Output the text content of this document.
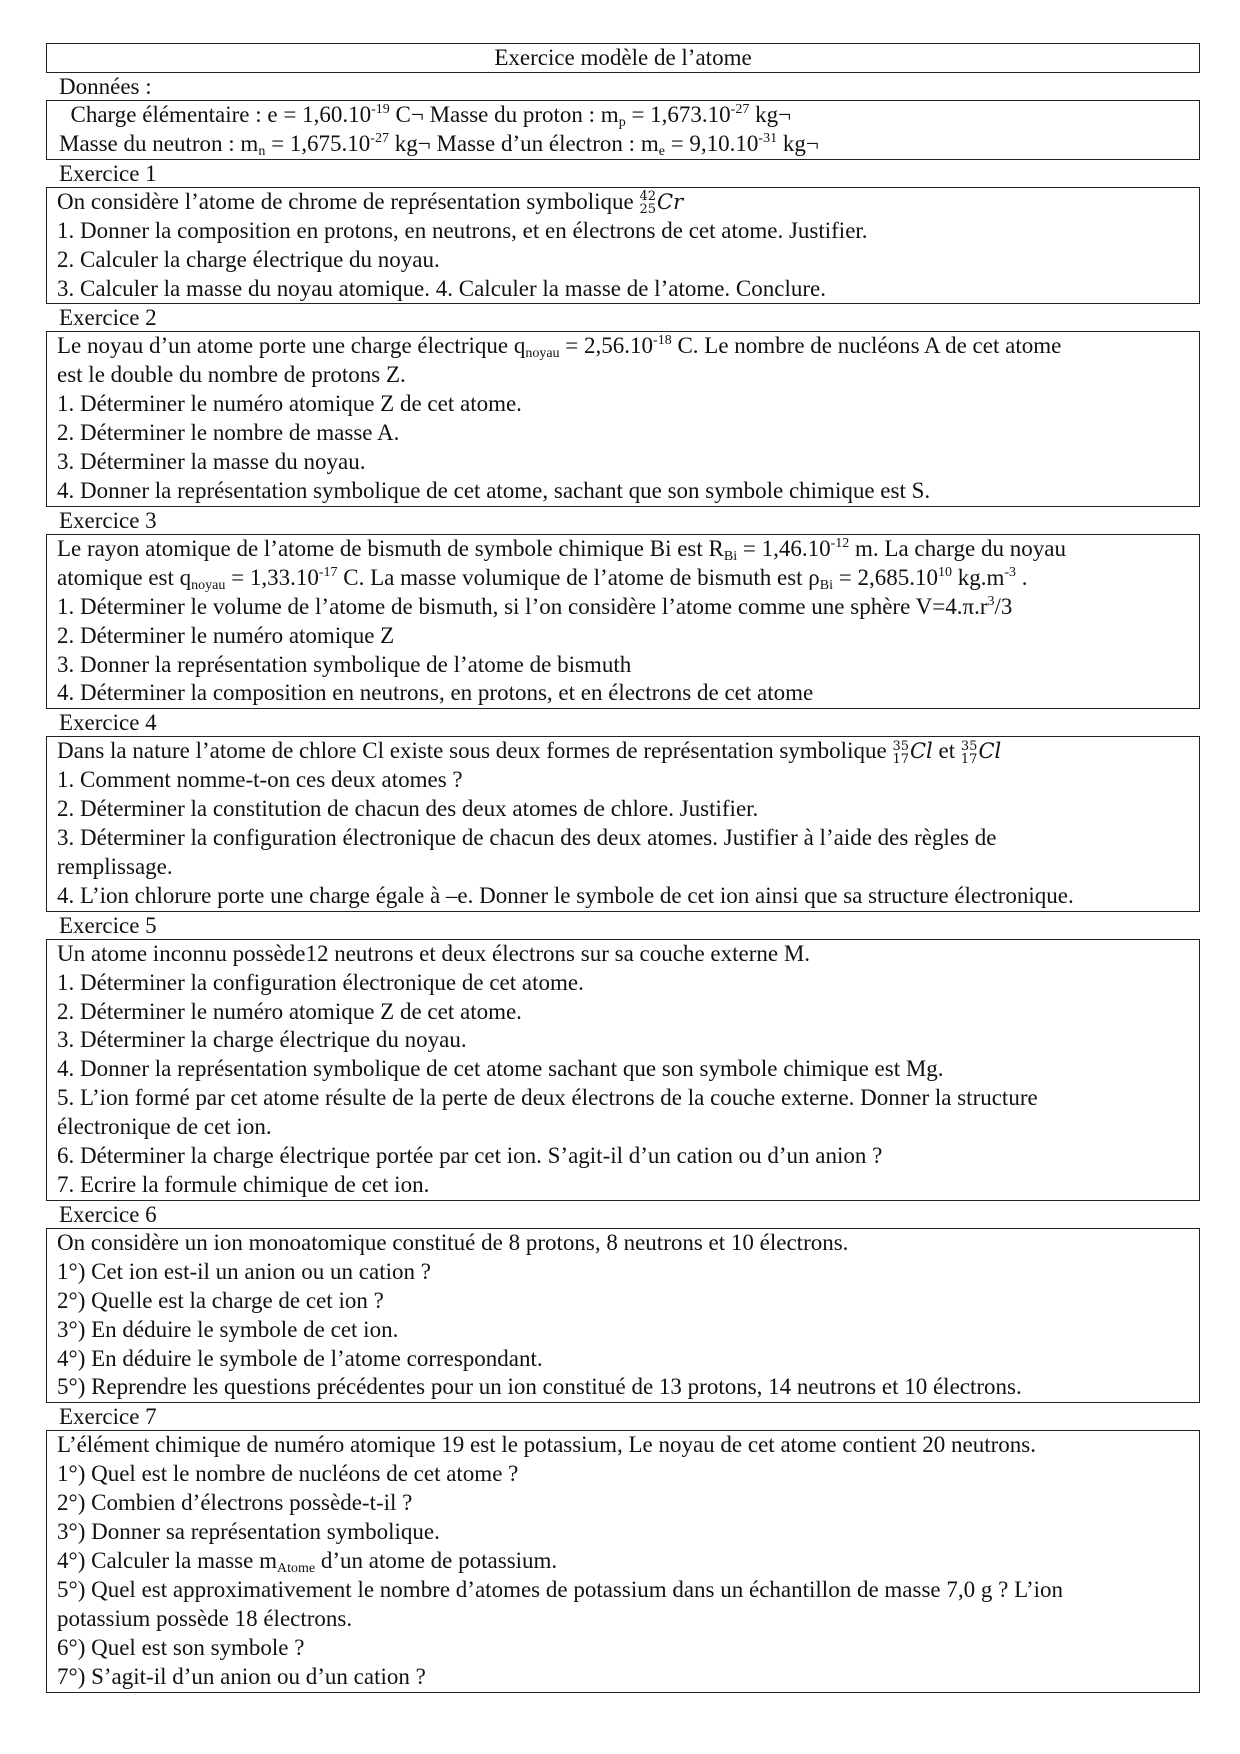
Exercice modèle de l’atome
Données :

Charge élémentaire : $e = 1,60.10^{-19}$ C¬ Masse du proton : $m_p = 1,673.10^{-27}$ kg¬

Masse du neutron : $m_n = 1,675.10^{-27}$ kg¬ Masse d’un électron : $m_e = 9,10.10^{-31}$ kg¬

Exercice 1

On considère l’atome de chrome de représentation symbolique 42
25 Cr

1. Donner la composition en protons, en neutrons, et en électrons de cet atome. Justifier.

2. Calculer la charge électrique du noyau.

3. Calculer la masse du noyau atomique. 4. Calculer la masse de l’atome. Conclure.

Exercice 2

Le noyau d’un atome porte une charge électrique $q_{noyau} = 2,56.10^{-18}$ C. Le nombre de nucléons A de cet atome

est le double du nombre de protons Z.

1. Déterminer le numéro atomique Z de cet atome.

2. Déterminer le nombre de masse A.

3. Déterminer la masse du noyau.

4. Donner la représentation symbolique de cet atome, sachant que son symbole chimique est S.

Exercice 3

Le rayon atomique de l’atome de bismuth de symbole chimique Bi est $R_{Bi} = 1,46.10^{-12}$ m. La charge du noyau

atomique est $q_{noyau} = 1,33.10^{-17}$ C. La masse volumique de l’atome de bismuth est $\rho_{Bi} = 2,685.10^{10}$ $kg.m^{-3}$ .

1. Déterminer le volume de l’atome de bismuth, si l’on considère l’atome comme une sphère $V=4.\pi.r^3/3$

2. Déterminer le numéro atomique Z

3. Donner la représentation symbolique de l’atome de bismuth

4. Déterminer la composition en neutrons, en protons, et en électrons de cet atome

Exercice 4

Dans la nature l’atome de chlore Cl existe sous deux formes de représentation symbolique 35
17 Cl et 35
17 Cl

1. Comment nomme-t-on ces deux atomes ?

2. Déterminer la constitution de chacun des deux atomes de chlore. Justifier.

3. Déterminer la configuration électronique de chacun des deux atomes. Justifier à l’aide des règles de

remplissage.

4. L’ion chlorure porte une charge égale à –e. Donner le symbole de cet ion ainsi que sa structure électronique.

Exercice 5

Un atome inconnu possède12 neutrons et deux électrons sur sa couche externe M.

1. Déterminer la configuration électronique de cet atome.

2. Déterminer le numéro atomique Z de cet atome.

3. Déterminer la charge électrique du noyau.

4. Donner la représentation symbolique de cet atome sachant que son symbole chimique est Mg.

5. L’ion formé par cet atome résulte de la perte de deux électrons de la couche externe. Donner la structure

électronique de cet ion.

6. Déterminer la charge électrique portée par cet ion. S’agit-il d’un cation ou d’un anion ?

7. Ecrire la formule chimique de cet ion.

Exercice 6

On considère un ion monoatomique constitué de 8 protons, 8 neutrons et 10 électrons.

1°) Cet ion est-il un anion ou un cation ?

2°) Quelle est la charge de cet ion ?

3°) En déduire le symbole de cet ion.

4°) En déduire le symbole de l’atome correspondant.

5°) Reprendre les questions précédentes pour un ion constitué de 13 protons, 14 neutrons et 10 électrons.

Exercice 7

L’élément chimique de numéro atomique 19 est le potassium, Le noyau de cet atome contient 20 neutrons.

1°) Quel est le nombre de nucléons de cet atome ?

2°) Combien d’électrons possède-t-il ?

3°) Donner sa représentation symbolique.

4°) Calculer la masse $m_{Atome}$ d’un atome de potassium.

5°) Quel est approximativement le nombre d’atomes de potassium dans un échantillon de masse 7,0 g ? L’ion

potassium possède 18 électrons.

6°) Quel est son symbole ?

7°) S’agit-il d’un anion ou d’un cation ?
